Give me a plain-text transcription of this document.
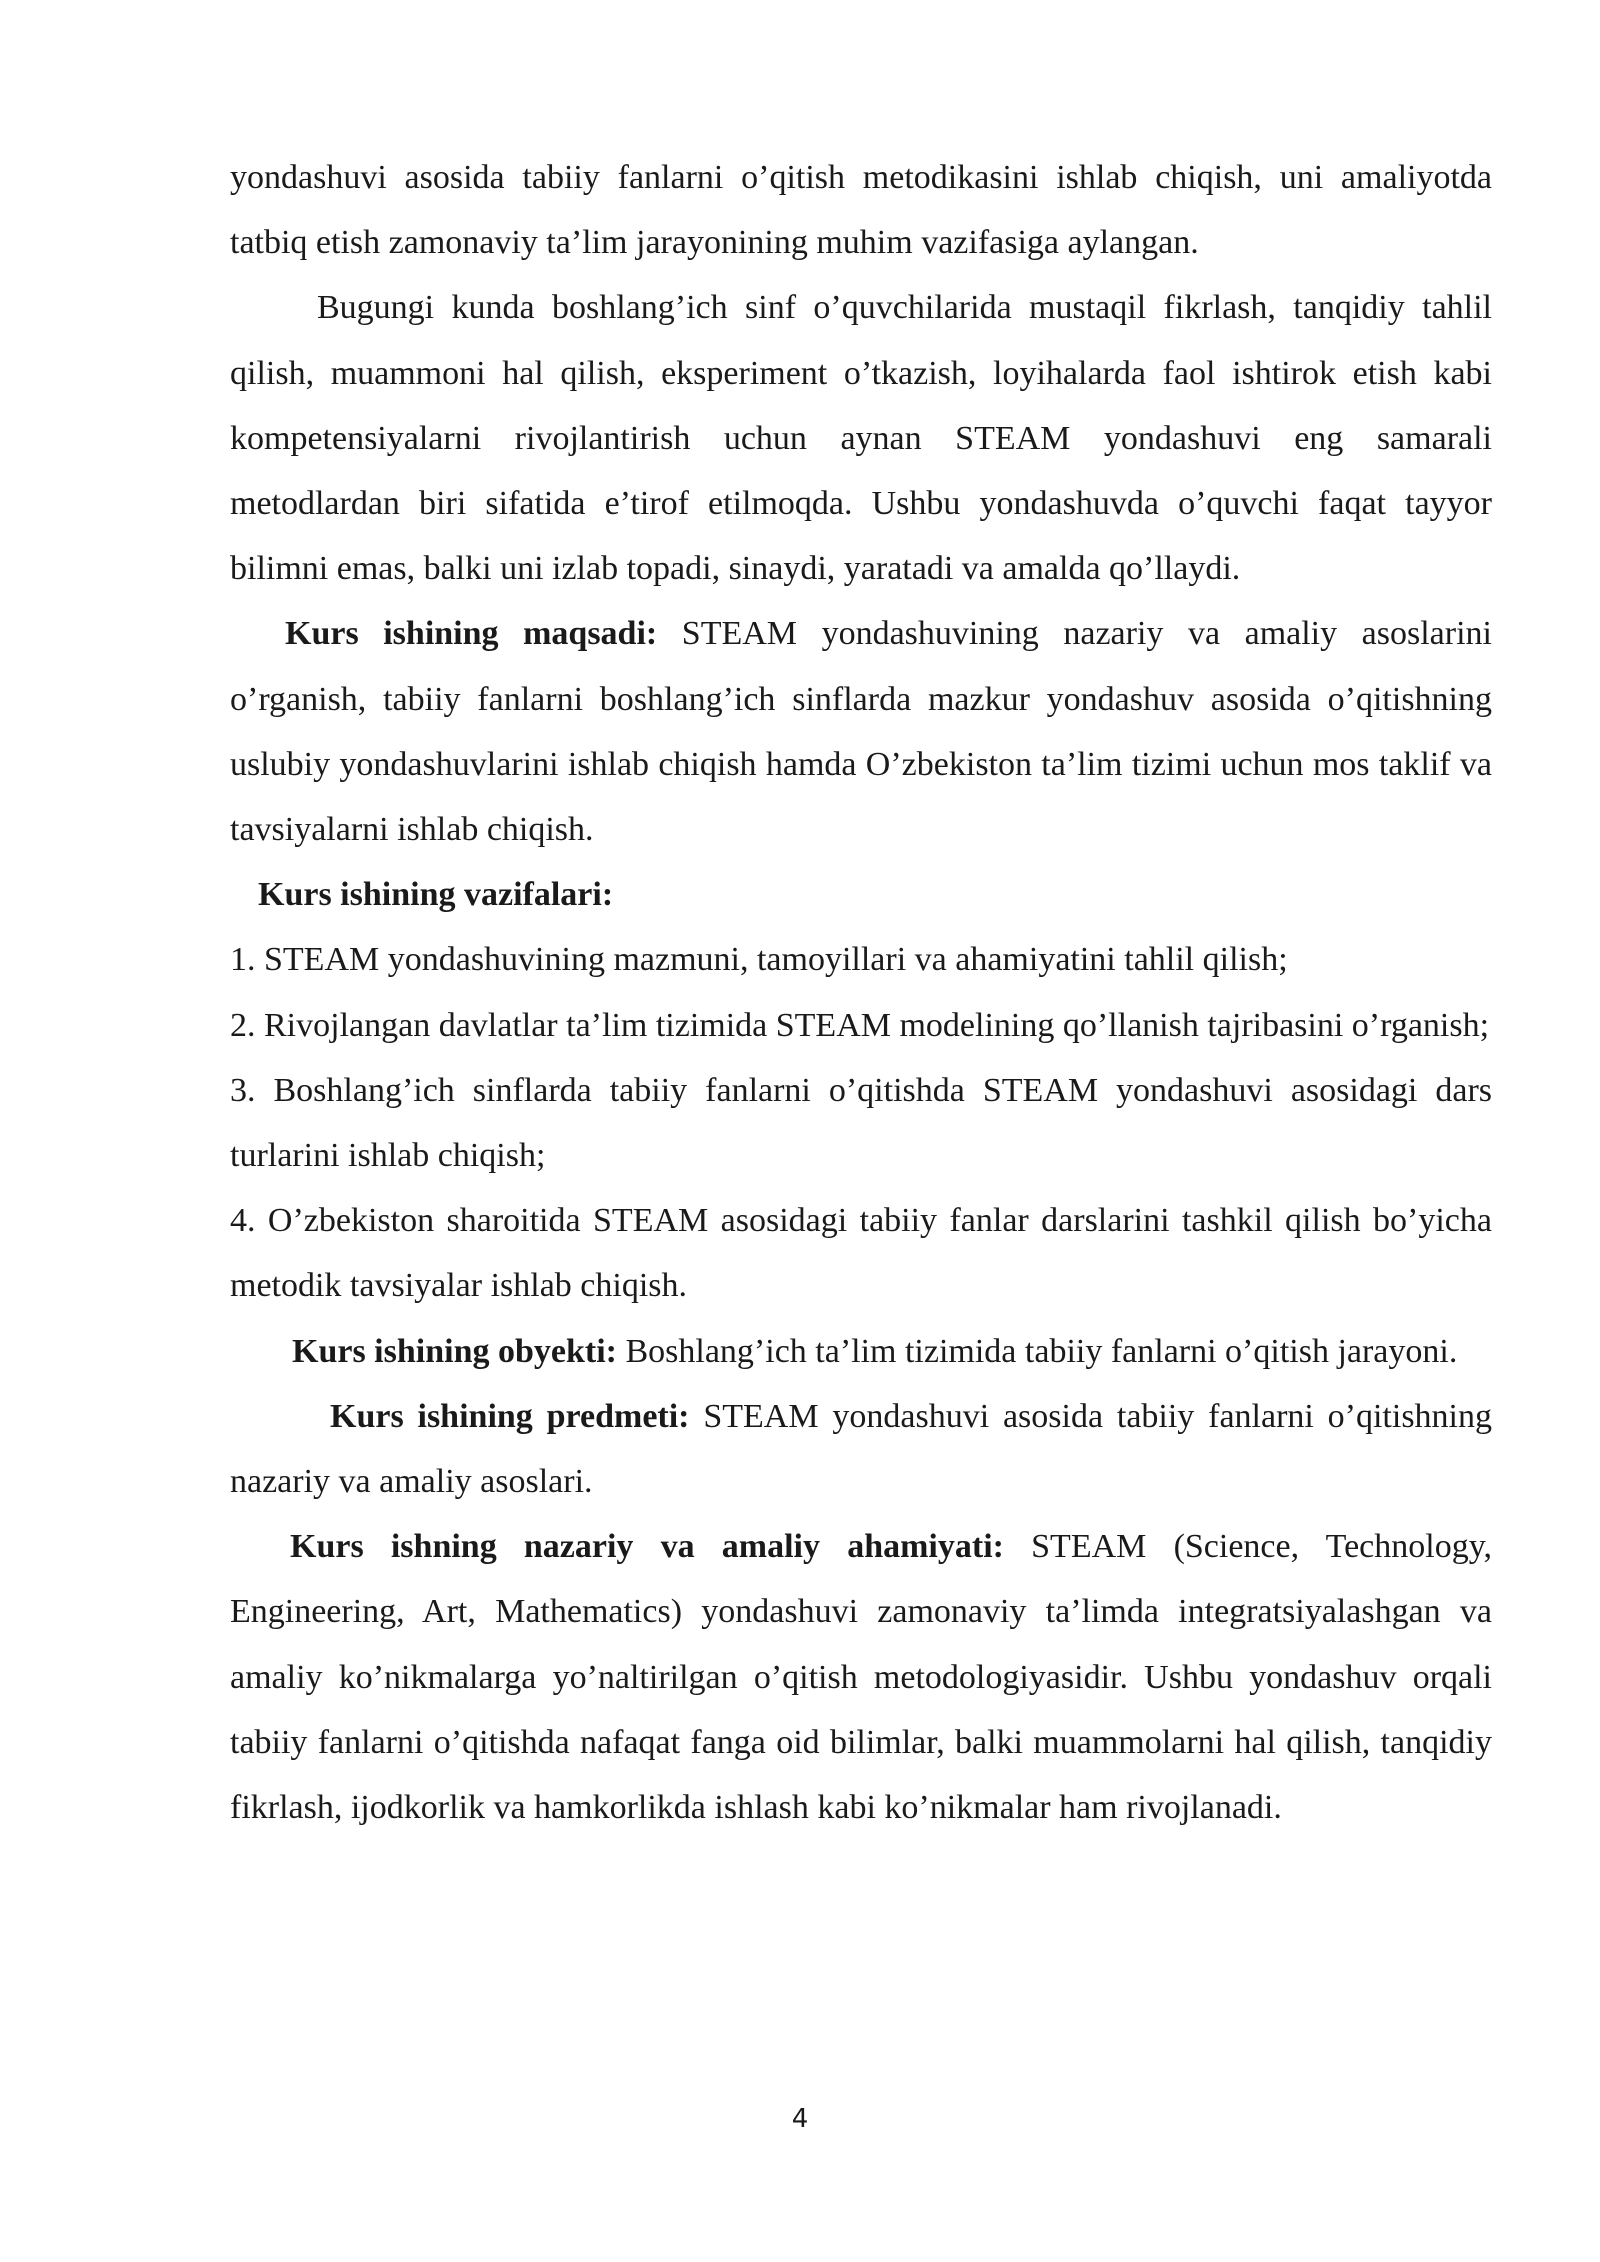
yondashuvi asosida tabiiy fanlarni o’qitish metodikasini ishlab chiqish, uni amaliyotda tatbiq etish zamonaviy ta’lim jarayonining muhim vazifasiga aylangan.

Bugungi kunda boshlang’ich sinf o’quvchilarida mustaqil fikrlash, tanqidiy tahlil qilish, muammoni hal qilish, eksperiment o’tkazish, loyihalarda faol ishtirok etish kabi kompetensiyalarni rivojlantirish uchun aynan STEAM yondashuvi eng samarali metodlardan biri sifatida e’tirof etilmoqda. Ushbu yondashuvda o’quvchi faqat tayyor bilimni emas, balki uni izlab topadi, sinaydi, yaratadi va amalda qo’llaydi.

Kurs ishining maqsadi: STEAM yondashuvining nazariy va amaliy asoslarini o’rganish, tabiiy fanlarni boshlang’ich sinflarda mazkur yondashuv asosida o’qitishning uslubiy yondashuvlarini ishlab chiqish hamda O’zbekiston ta’lim tizimi uchun mos taklif va tavsiyalarni ishlab chiqish.

Kurs ishining vazifalari:

1. STEAM yondashuvining mazmuni, tamoyillari va ahamiyatini tahlil qilish;

2. Rivojlangan davlatlar ta’lim tizimida STEAM modelining qo’llanish tajribasini o’rganish;

3. Boshlang’ich sinflarda tabiiy fanlarni o’qitishda STEAM yondashuvi asosidagi dars turlarini ishlab chiqish;

4. O’zbekiston sharoitida STEAM asosidagi tabiiy fanlar darslarini tashkil qilish bo’yicha metodik tavsiyalar ishlab chiqish.

Kurs ishining obyekti: Boshlang’ich ta’lim tizimida tabiiy fanlarni o’qitish jarayoni.

Kurs ishining predmeti: STEAM yondashuvi asosida tabiiy fanlarni o’qitishning nazariy va amaliy asoslari.

Kurs ishning nazariy va amaliy ahamiyati: STEAM (Science, Technology, Engineering, Art, Mathematics) yondashuvi zamonaviy ta’limda integratsiyalashgan va amaliy ko’nikmalarga yo’naltirilgan o’qitish metodologiyasidir. Ushbu yondashuv orqali tabiiy fanlarni o’qitishda nafaqat fanga oid bilimlar, balki muammolarni hal qilish, tanqidiy fikrlash, ijodkorlik va hamkorlikda ishlash kabi ko’nikmalar ham rivojlanadi.

4
